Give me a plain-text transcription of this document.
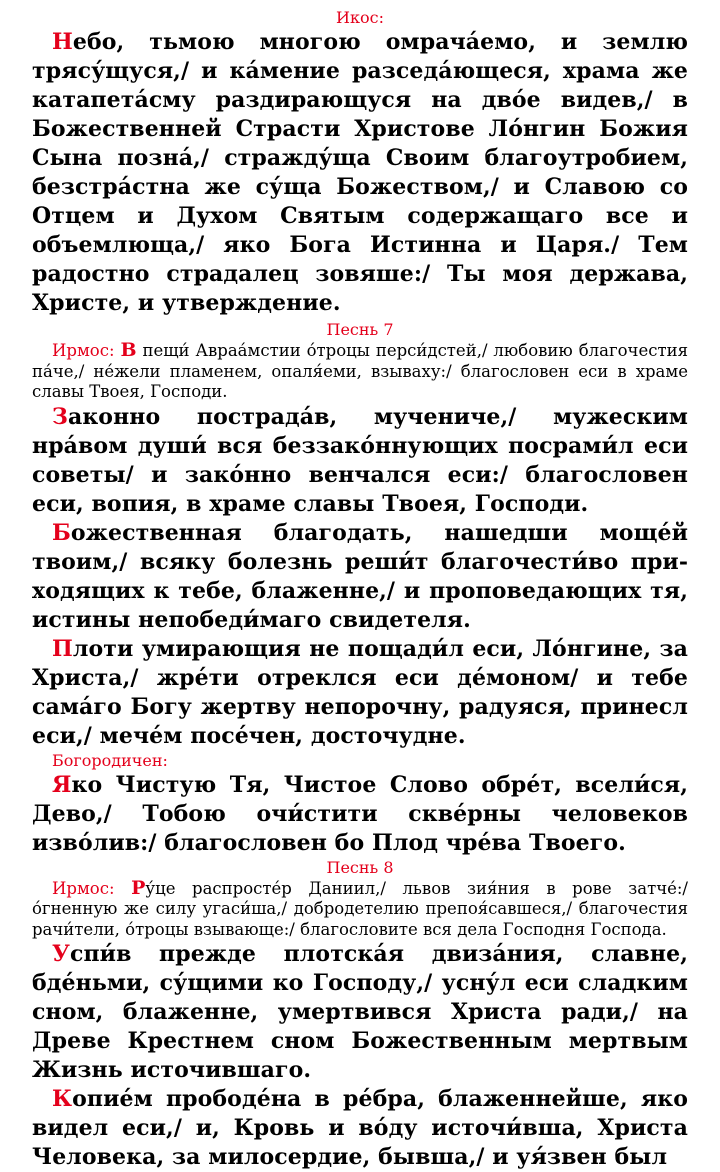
Икос:

Небо, тьмою многою омрача́емо, и землю трясу́щуся,/ и ка́мение разседа́ющеся, храма же катапета́сму раздирающуся на дво́е видев,/ в Божественней Страсти Христове Ло́нгин Божия Сына позна́,/ стражду́ща Своим благоутробием, безстра́стна же су́ща Божеством,/ и Славою со Отцем и Духом Святым содержащаго все и объемлюща,/ яко Бога Истинна и Царя./ Тем радостно страдалец зовяше:/ Ты моя держава, Христе, и утверждение.

Песнь 7

Ирмос: В пещи́ Авраа́мстии о́троцы перси́дстей,/ любовию благочестия па́че,/ не́жели пламенем, опаля́еми, взываху:/ благословен еси в храме славы Твоея, Господи.

Законно пострада́в, мучениче,/ мужеским нра́вом души́ вся беззако́ннующих посрами́л еси советы/ и зако́нно венчался еси:/ благословен еси, вопия, в храме славы Твоея, Господи.

Божественная благодать, нашедши моще́й твоим,/ всяку болезнь реши́т благочести́во приходящих к тебе, блаженне,/ и проповедающих тя, истины непобеди́маго свидетеля.

Плоти умирающия не пощади́л еси, Ло́нгине, за Христа,/ жре́ти отреклся еси де́моном/ и тебе сама́го Богу жертву непорочну, радуяся, принесл еси,/ мече́м посе́чен, досточудне.

Богородичен:

Яко Чистую Тя, Чистое Слово обре́т, всели́ся, Дево,/ Тобою очи́стити скве́рны человеков изво́лив:/ благословен бо Плод чре́ва Твоего.

Песнь 8

Ирмос: Ру́це распросте́р Даниил,/ львов зия́ния в рове затче́:/ о́гненную же силу угаси́ша,/ добродетелию препоя́савшеся,/ благочестия рачи́тели, о́троцы взывающе:/ благословите вся дела Господня Господа.

Успи́в прежде плотска́я двиза́ния, славне, бде́ньми, су́щими ко Господу,/ усну́л еси сладким сном, блаженне, умертвився Христа ради,/ на Древе Крестнем сном Божественным мертвым Жизнь источившаго.

Копие́м прободе́на в ре́бра, блаженнейше, яко видел еси,/ и, Кровь и во́ду источи́вша, Христа Человека, за милосердие, бывша,/ и уя́звен был
